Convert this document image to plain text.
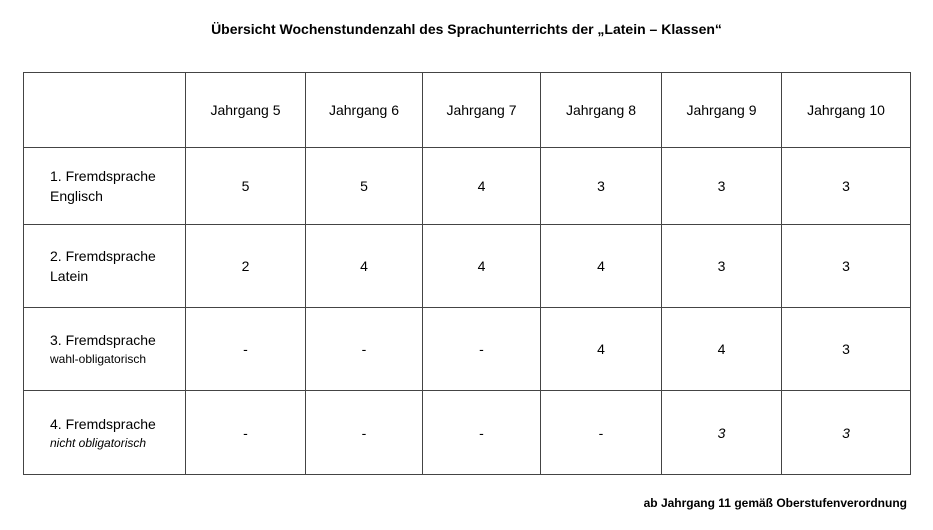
Übersicht Wochenstundenzahl des Sprachunterrichts der „Latein – Klassen“
	Jahrgang 5	Jahrgang 6	Jahrgang 7	Jahrgang 8	Jahrgang 9	Jahrgang 10

1. Fremdsprache
Englisch	5	5	4	3	3	3

2. Fremdsprache
Latein	2	4	4	4	3	3

3. Fremdsprache
wahl-obligatorisch	-	-	-	4	4	3

4. Fremdsprache
nicht obligatorisch	-	-	-	-	3	3
ab Jahrgang 11 gemäß Oberstufenverordnung
